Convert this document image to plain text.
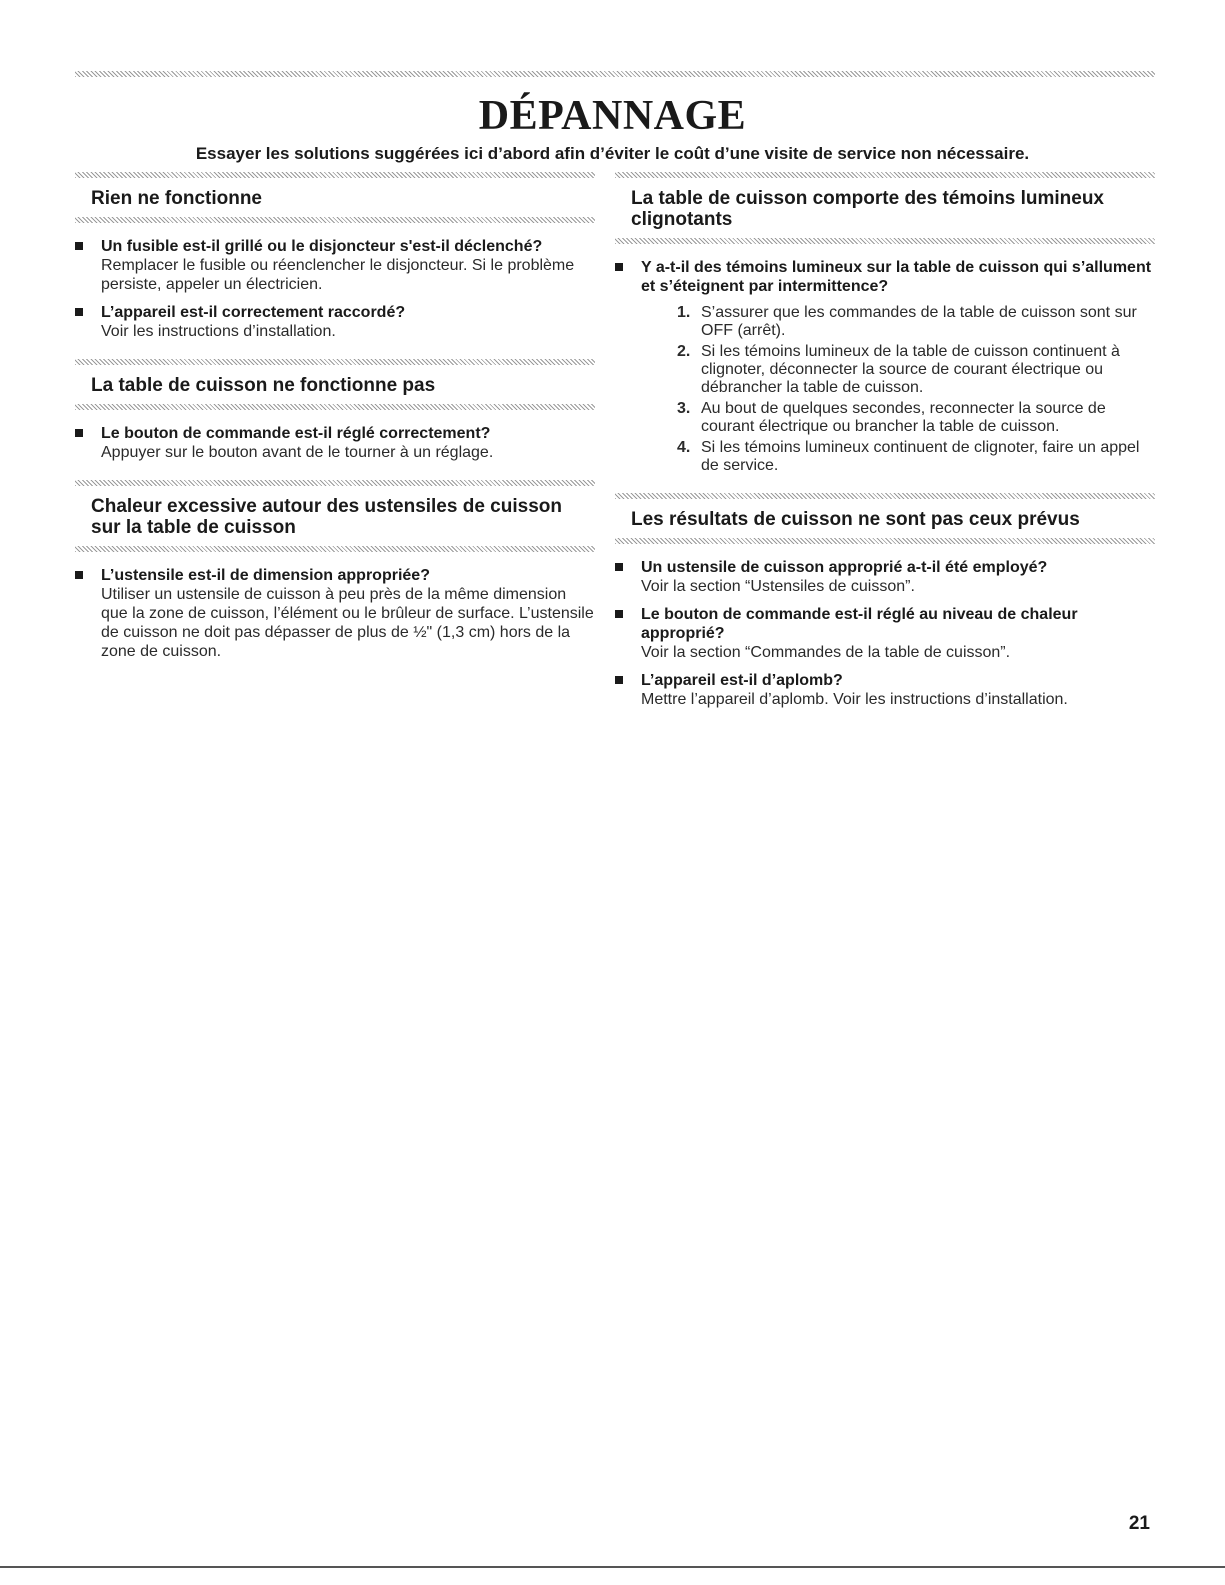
DÉPANNAGE
Essayer les solutions suggérées ici d’abord afin d’éviter le coût d’une visite de service non nécessaire.
Rien ne fonctionne
Un fusible est-il grillé ou le disjoncteur s'est-il déclenché?
Remplacer le fusible ou réenclencher le disjoncteur. Si le problème persiste, appeler un électricien.
L’appareil est-il correctement raccordé?
Voir les instructions d’installation.
La table de cuisson ne fonctionne pas
Le bouton de commande est-il réglé correctement?
Appuyer sur le bouton avant de le tourner à un réglage.
Chaleur excessive autour des ustensiles de cuisson sur la table de cuisson
L’ustensile est-il de dimension appropriée?
Utiliser un ustensile de cuisson à peu près de la même dimension que la zone de cuisson, l’élément ou le brûleur de surface. L’ustensile de cuisson ne doit pas dépasser de plus de ½" (1,3 cm) hors de la zone de cuisson.
La table de cuisson comporte des témoins lumineux clignotants
Y a-t-il des témoins lumineux sur la table de cuisson qui s’allument et s’éteignent par intermittence?
1. S’assurer que les commandes de la table de cuisson sont sur OFF (arrêt).
2. Si les témoins lumineux de la table de cuisson continuent à clignoter, déconnecter la source de courant électrique ou débrancher la table de cuisson.
3. Au bout de quelques secondes, reconnecter la source de courant électrique ou brancher la table de cuisson.
4. Si les témoins lumineux continuent de clignoter, faire un appel de service.
Les résultats de cuisson ne sont pas ceux prévus
Un ustensile de cuisson approprié a-t-il été employé?
Voir la section “Ustensiles de cuisson”.
Le bouton de commande est-il réglé au niveau de chaleur approprié?
Voir la section “Commandes de la table de cuisson”.
L’appareil est-il d’aplomb?
Mettre l’appareil d’aplomb. Voir les instructions d’installation.
21
